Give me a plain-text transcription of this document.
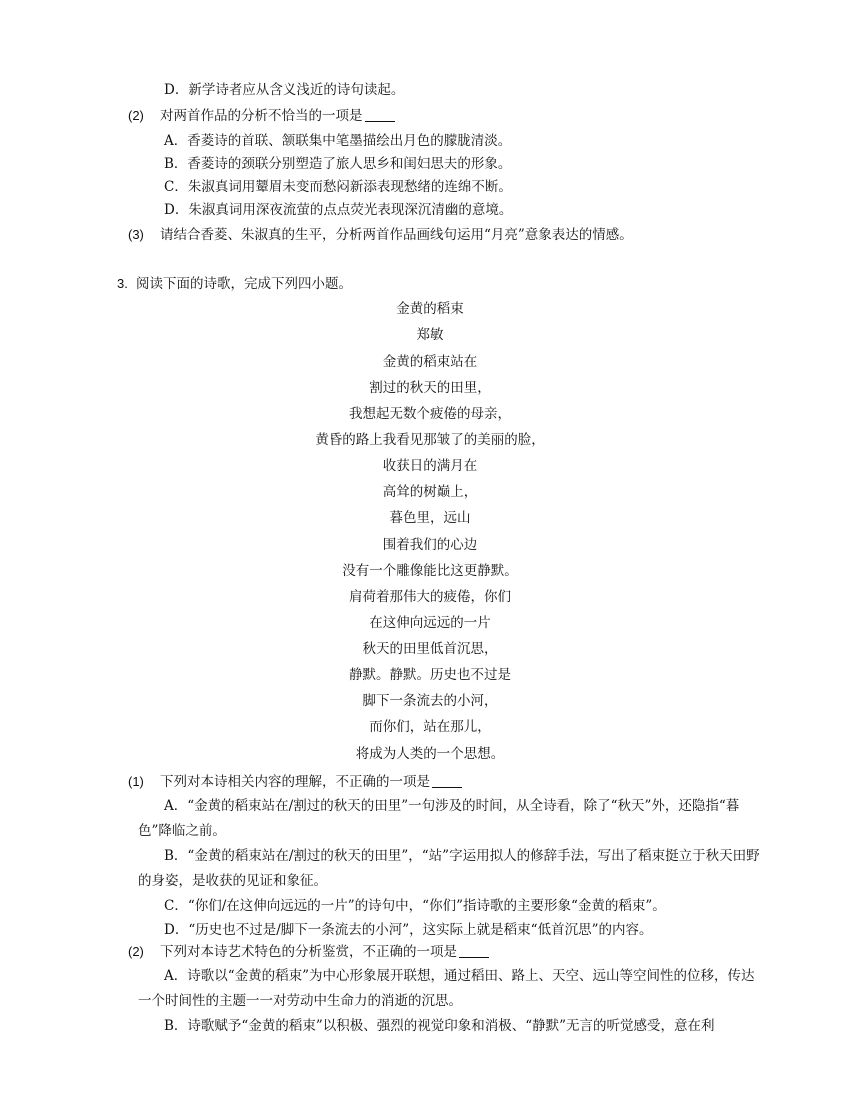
D．新学诗者应从含义浅近的诗句读起。
(2) 对两首作品的分析不恰当的一项是
A．香菱诗的首联、颔联集中笔墨描绘出月色的朦胧清淡。
B．香菱诗的颈联分别塑造了旅人思乡和闺妇思夫的形象。
C．朱淑真词用颦眉未变而愁闷新添表现愁绪的连绵不断。
D．朱淑真词用深夜流萤的点点荧光表现深沉清幽的意境。
(3) 请结合香菱、朱淑真的生平，分析两首作品画线句运用“月亮”意象表达的情感。
3. 阅读下面的诗歌，完成下列四小题。
金黄的稻束
郑敏
金黄的稻束站在
割过的秋天的田里，
我想起无数个疲倦的母亲，
黄昏的路上我看见那皱了的美丽的脸，
收获日的满月在
高耸的树巅上，
暮色里，远山
围着我们的心边
没有一个雕像能比这更静默。
肩荷着那伟大的疲倦，你们
在这伸向远远的一片
秋天的田里低首沉思，
静默。静默。历史也不过是
脚下一条流去的小河，
而你们，站在那儿，
将成为人类的一个思想。
(1) 下列对本诗相关内容的理解，不正确的一项是
A．“金黄的稻束站在/割过的秋天的田里”一句涉及的时间，从全诗看，除了“秋天”外，还隐指“暮色”降临之前。
B．“金黄的稻束站在/割过的秋天的田里”，“站”字运用拟人的修辞手法，写出了稻束挺立于秋天田野的身姿，是收获的见证和象征。
C．“你们/在这伸向远远的一片”的诗句中，“你们”指诗歌的主要形象“金黄的稻束”。
D．“历史也不过是/脚下一条流去的小河”，这实际上就是稻束“低首沉思”的内容。
(2) 下列对本诗艺术特色的分析鉴赏，不正确的一项是
A．诗歌以“金黄的稻束”为中心形象展开联想，通过稻田、路上、天空、远山等空间性的位移，传达一个时间性的主题一一对劳动中生命力的消逝的沉思。
B．诗歌赋予“金黄的稻束”以积极、强烈的视觉印象和消极、“静默”无言的听觉感受，意在利
